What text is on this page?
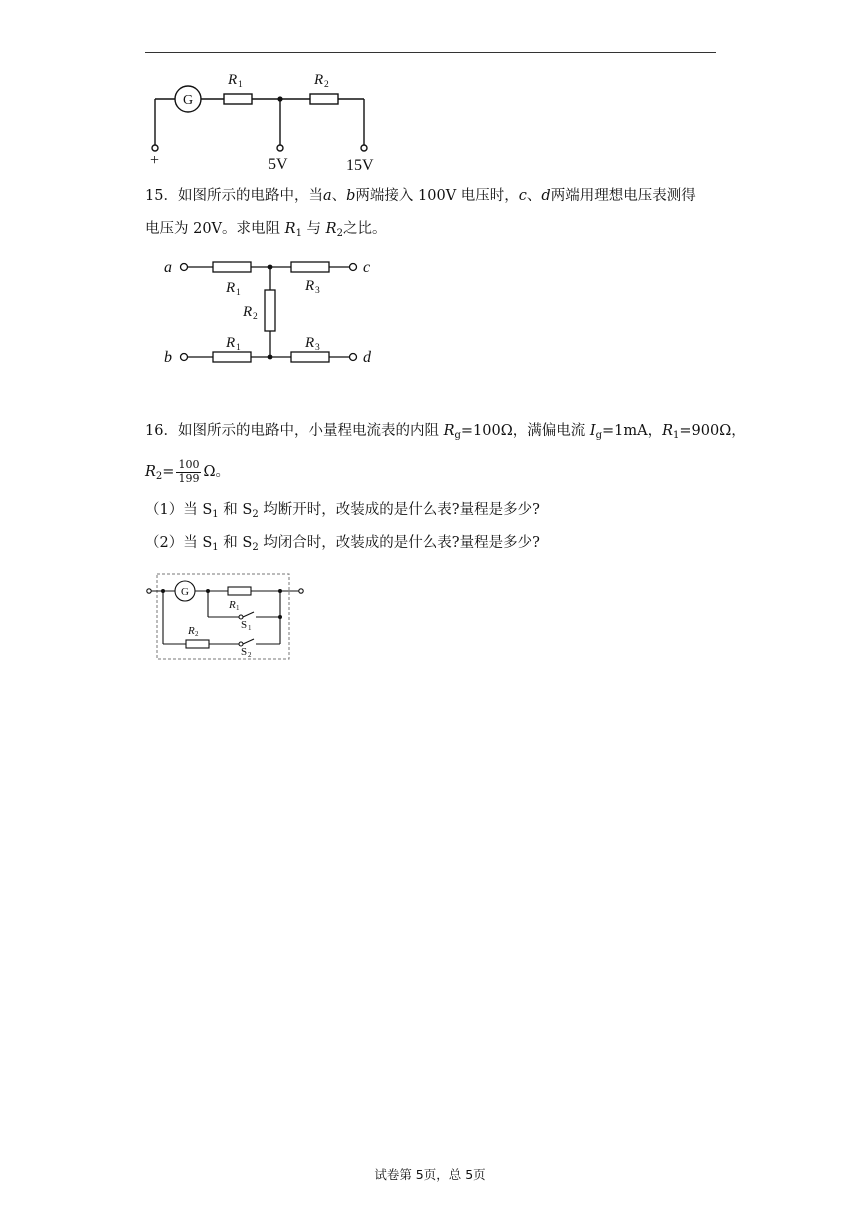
G
R 1	R 2
+	5V	15V
15．如图所示的电路中，当a、b两端接入 100V 电压时，c、d两端用理想电压表测得
电压为 20V。求电阻 $R_1$ 与 $R_2$之比。
a
b
c
d
R 1	R 3
R 2
R 1	R 3
16．如图所示的电路中，小量程电流表的内阻 $R_g=100\Omega$，满偏电流 $I_g=1mA$，$R_1=900\Omega$，
$R_2= \frac{100}{199}$ Ω。
（1）当 $S_1$ 和 $S_2$ 均断开时，改装成的是什么表?量程是多少?
（2）当 $S_1$ 和 $S_2$ 均闭合时，改装成的是什么表?量程是多少?
G
R 1
R 2
S 1
S 2
试卷第 5页，总 5页
